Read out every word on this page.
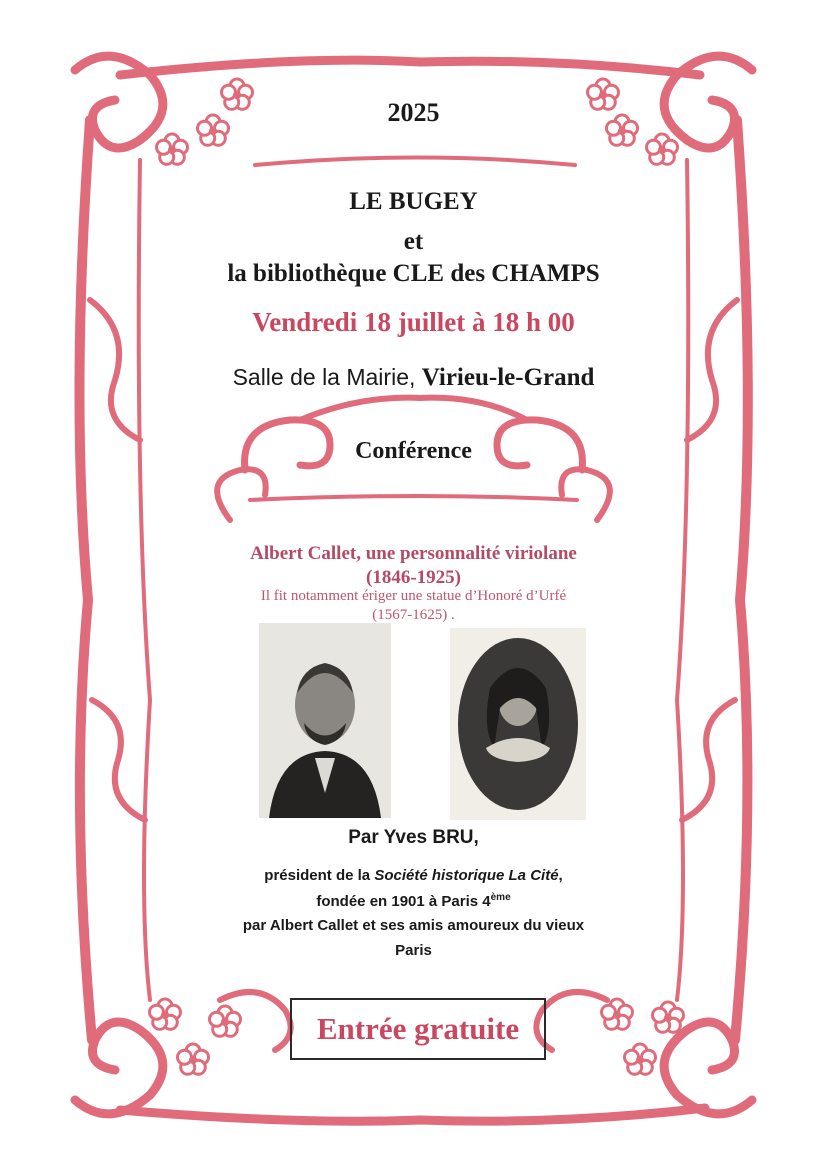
2025
LE BUGEY
et
la bibliothèque CLE des CHAMPS
Vendredi 18 juillet à 18 h 00
Salle de la Mairie, Virieu-le-Grand
Conférence
Albert Callet, une personnalité viriolane
(1846-1925)
Il fit notamment ériger une statue d’Honoré d’Urfé
(1567-1625) .
Par Yves BRU,
président de la Société historique La Cité,
fondée en 1901 à Paris 4ème
par Albert Callet et ses amis amoureux du vieux
Paris
Entrée gratuite
